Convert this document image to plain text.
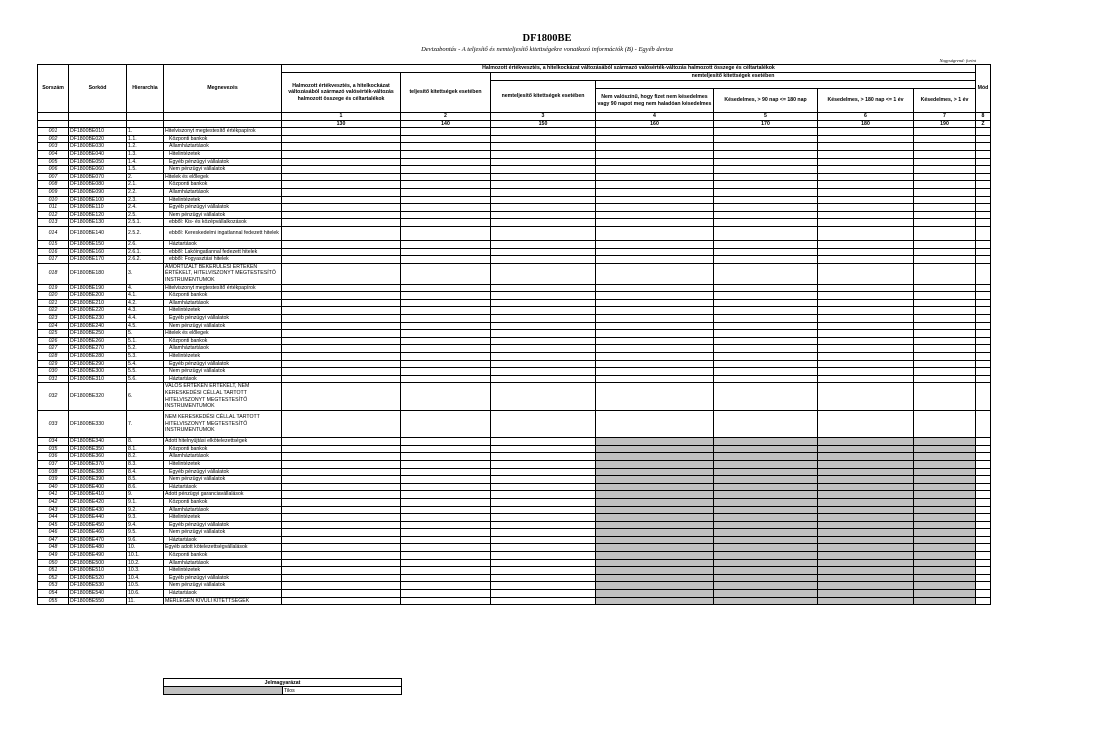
DF1800BE
Devizabontás - A teljesítő és nemteljesítő kitettségekre vonatkozó információk (B) - Egyéb deviza
Nagyságrend: forint
Sorszám	Sorkód	Hierarchia	Megnevezés	Halmozott értékvesztés, a hitelkockázat változásából származó valósérték-változás halmozott összege és céltartalékok							Mód
				Halmozott értékvesztés, a hitelkockázat változásából származó valósérték-változás halmozott összege és céltartalékok	teljesítő kitettségek esetében	nemteljesítő kitettségek esetében					
						nemteljesítő kitettségek esetében					
							Nem valószínű, hogy fizet nem késedelmes vagy 90 napot meg nem haladóan késedelmes	Késedelmes, > 90 nap <= 180 nap	Késedelmes, > 180 nap <= 1 év	Késedelmes, > 1 év	
				1	2	3	4	5	6	7	8
				130	140	150	160	170	180	190	Z
001	DF1800BE010	1.	Hitelviszonyt megtestesítő értékpapírok								
002	DF1800BE020	1.1.	Központi bankok								
003	DF1800BE030	1.2.	Államháztartások								
004	DF1800BE040	1.3.	Hitelintézetek								
005	DF1800BE050	1.4.	Egyéb pénzügyi vállalatok								
006	DF1800BE060	1.5.	Nem pénzügyi vállalatok								
007	DF1800BE070	2.	Hitelek és előlegek								
008	DF1800BE080	2.1.	Központi bankok								
009	DF1800BE090	2.2.	Államháztartások								
010	DF1800BE100	2.3.	Hitelintézetek								
011	DF1800BE110	2.4.	Egyéb pénzügyi vállalatok								
012	DF1800BE120	2.5.	Nem pénzügyi vállalatok								
013	DF1800BE130	2.5.1.	ebből: Kis- és középvállalkozások								
014	DF1800BE140	2.5.2.	ebből: Kereskedelmi ingatlannal fedezett hitelek								
015	DF1800BE150	2.6.	Háztartások								
016	DF1800BE160	2.6.1.	ebből: Lakóingatlannal fedezett hitelek								
017	DF1800BE170	2.6.2.	ebből: Fogyasztási hitelek								
018	DF1800BE180	3.	AMORTIZÁLT BEKERÜLÉSI ÉRTÉKEN ÉRTÉKELT, HITELVISZONYT MEGTESTESÍTŐ INSTRUMENTUMOK								
019	DF1800BE190	4.	Hitelviszonyt megtestesítő értékpapírok								
020	DF1800BE200	4.1.	Központi bankok								
021	DF1800BE210	4.2.	Államháztartások								
022	DF1800BE220	4.3.	Hitelintézetek								
023	DF1800BE230	4.4.	Egyéb pénzügyi vállalatok								
024	DF1800BE240	4.5.	Nem pénzügyi vállalatok								
025	DF1800BE250	5.	Hitelek és előlegek								
026	DF1800BE260	5.1.	Központi bankok								
027	DF1800BE270	5.2.	Államháztartások								
028	DF1800BE280	5.3.	Hitelintézetek								
029	DF1800BE290	5.4.	Egyéb pénzügyi vállalatok								
030	DF1800BE300	5.5.	Nem pénzügyi vállalatok								
031	DF1800BE310	5.6.	Háztartások								
032	DF1800BE320	6.	VALÓS ÉRTÉKEN ÉRTÉKELT, NEM KERESKEDÉSI CÉLLAL TARTOTT HITELVISZONYT MEGTESTESÍTŐ INSTRUMENTUMOK								
033	DF1800BE330	7.	NEM KERESKEDÉSI CÉLLAL TARTOTT HITELVISZONYT MEGTESTESÍTŐ INSTRUMENTUMOK								
034	DF1800BE340	8.	Adott hitelnyújtási elkötelezettségek								
035	DF1800BE350	8.1.	Központi bankok								
036	DF1800BE360	8.2.	Államháztartások								
037	DF1800BE370	8.3.	Hitelintézetek								
038	DF1800BE380	8.4.	Egyéb pénzügyi vállalatok								
039	DF1800BE390	8.5.	Nem pénzügyi vállalatok								
040	DF1800BE400	8.6.	Háztartások								
041	DF1800BE410	9.	Adott pénzügyi garanciavállalások								
042	DF1800BE420	9.1.	Központi bankok								
043	DF1800BE430	9.2.	Államháztartások								
044	DF1800BE440	9.3.	Hitelintézetek								
045	DF1800BE450	9.4.	Egyéb pénzügyi vállalatok								
046	DF1800BE460	9.5.	Nem pénzügyi vállalatok								
047	DF1800BE470	9.6.	Háztartások								
048	DF1800BE480	10.	Egyéb adott kötelezettségvállalások								
049	DF1800BE490	10.1.	Központi bankok								
050	DF1800BE500	10.2.	Államháztartások								
051	DF1800BE510	10.3.	Hitelintézetek								
052	DF1800BE520	10.4.	Egyéb pénzügyi vállalatok								
053	DF1800BE530	10.5.	Nem pénzügyi vállalatok								
054	DF1800BE540	10.6.	Háztartások								
055	DF1800BE550	11.	MÉRLEGEN KÍVÜLI KITETTSÉGEK								
Jelmagyarázat
	Tilos
